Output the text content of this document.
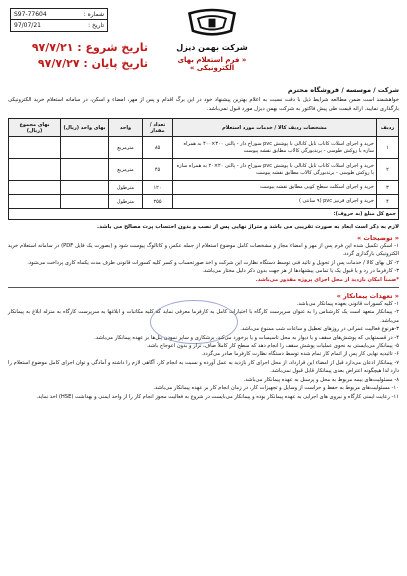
شماره :
S97-77604
تاریخ :
97/07/21
شرکت بهمن دیزل
« فرم استعلام بهای الکترونیکی »
تاریخ شروع : ۹۷/۷/۲۱
تاریخ پایان : ۹۷/۷/۲۷
شرکت / موسسه / فروشگاه محترم
خواهشمند است ضمن مطالعه شرایط ذیل با دقت نسبت به اعلام بهترین پیشنهاد خود در این برگ اقدام و پس از مهر، امضاء و اسکن، در سامانه استعلام خرید الکترونیکی بارگذاری نمایید. ارائه قیمت طی پیش فاکتور به شرکت بهمن دیزل مورد قبول نمی‌باشد.
ردیف	مشخصات ردیف کالا / خدمات مورد استعلام	تعداد / مقدار	واحد	بهای واحد (ریال)	بهای مجموع (ریال)
۱	خرید و اجرای اسلات کاناب تابل کانالی با پوشش pvc سوراخ دار - پالتی ۳۰۰×۴۰۰ به همراه سازه با روکش طوسی - برندبورگی کالاب مطابق نقشه پیوست	۸۵	مترمربع		
۲	خرید و اجرای اسلات کاناب تابل کانالی با پوشش pvc سوراخ دار - پالتی ۲۰×۲۰ به همراه سازه با روکش طوسی - برندبورگی کالاب مطابق نقشه پیوست	۴۵	مترمربع		
۳	خرید و اجرای اسکلت سطح کوبی مطابق نقشه پیوست	۱۲۰	مترطول		
۴	خرید و اجرای قرنیز pvc (۹ سانتی )	۲۵۵	مترطول		
جمع کل مبلغ (به حروف):					
لازم به ذکر است ابعاد به صورت تقریبی می باشد و متراژ نهایی پس از نصب و بدون احتساب پرت مصالح می باشد.
« توضیحات »

۱- اسکن تکمیل شده این فرم پس از مهر و امضاء مجاز و مشخصات کامل موضوع استعلام از جمله عکس و کاتالوگ پیوست شود و (بصورت یک فایل PDF) در سامانه استعلام خرید الکترونیکی بارگذاری گردد.

۲- کل بهای کالا / خدمات پس از تحویل و تائید فنی توسط دستگاه نظارت این شرکت و اخذ صورتحساب و کسر کلیه کسورات قانونی طرف مدت یکماه کاری پرداخت می‌شود.

۳- کارفرما در رد و یا قبول یک یا تمامی پیشنهادها از هر جهت بدون ذکر دلیل مختار می‌باشد.

*ضمناً امکان بازدید از محل اجرای پروژه مقدور می‌باشد.

« تعهدات پیمانکار »

۱- کلیه کسورات قانونی بعهده پیمانکار می‌باشد.

۲- پیمانکار متعهد است یک کارشناس را به عنوان سرپرست کارگاه با اختیارات کامل به کارفرما معرفی نماید که کلیه مکاتبات و ابلاغها به سرپرست کارگاه به منزله ابلاغ به پیمانکار می‌باشد.

۳-هرنوع فعالیت عمرانی در روزهای تعطیل و ساعات شب ممنوع می‌باشد.

۴- در قسمتهایی که پوشش‌های سقف و یا دیوار به محل تاسیسات و یا برخورد می‌کند، برشکاری و ساپر نمودن پنل‌ها بر عهده پیمانکار می‌باشد.

۵- پیمانکار می‌بایستی به نحوی عملیات پوشش سقف را انجام دهد که سطح کار کاملاً صاف، تراز و بدون اعوجاج باشد.

۶- تائیدیه نهایی کار پس از اتمام کار تمام شده توسط دستگاه نظارت کارفرما صادر می‌گردد.

۷- پیمانکار اذعان می‌دارد قبل از امضاء این قرارداد، از محل اجرای کار بازدید به عمل آورده و نسبت به انجام کار، آگاهی لازم را داشته و آمادگی و توان اجرای کامل موضوع استعلام را دارد لذا هیچگونه اعتراض بعدی پیمانکار قابل قبول نمی‌باشد.

۸- مسئولیت‌های بیمه مربوط به محل و پرسنل به عهده پیمانکار می‌باشد.

۱۰- مسئولیت‌های مربوط به حفظ و حراست از وسایل و تجهیزات کار، در زمان انجام کار بر عهده پیمانکار می‌باشد.

۱۱- رعایت ایمنی کارگاه و نیروی های اجرایی به عهده پیمانکار بوده و پیمانکار می‌بایست در شروع به فعالیت مجوز انجام کار را از واحد ایمنی و بهداشت (HSE) اخذ نماید.
